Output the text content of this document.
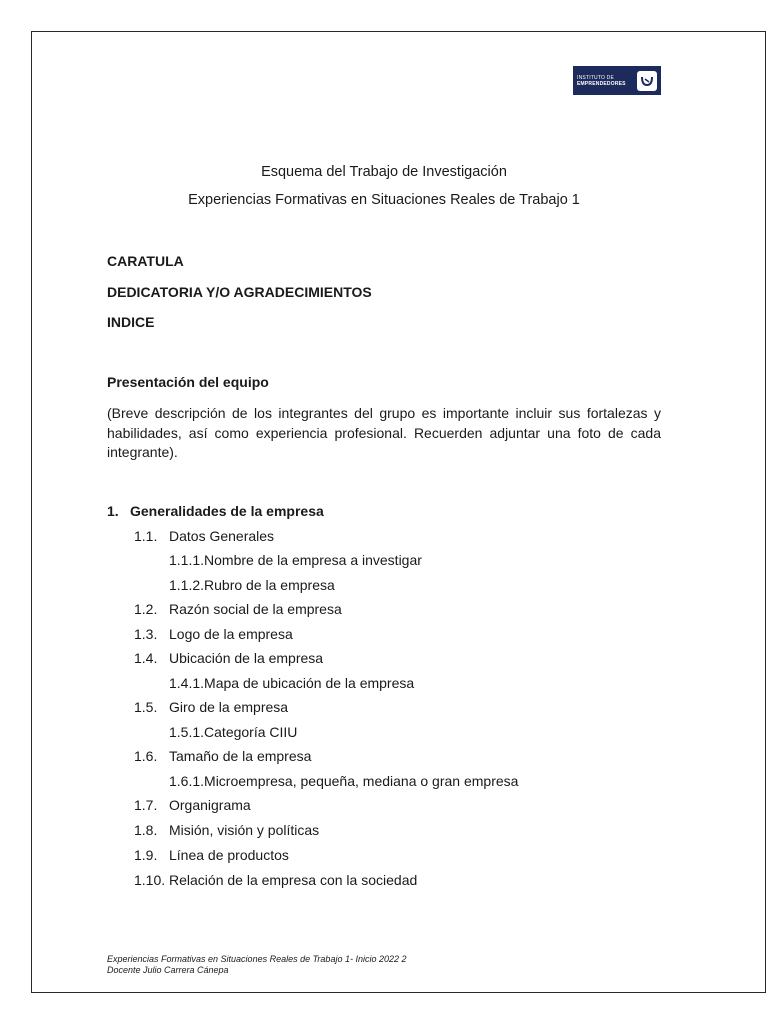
INSTITUTO DE
EMPRENDEDORES
Esquema del Trabajo de Investigación
Experiencias Formativas en Situaciones Reales de Trabajo 1
CARATULA
DEDICATORIA Y/O AGRADECIMIENTOS
INDICE
Presentación del equipo

(Breve descripción de los integrantes del grupo es importante incluir sus fortalezas y habilidades, así como experiencia profesional. Recuerden adjuntar una foto de cada integrante).

1. Generalidades de la empresa
1.1. Datos Generales
1.1.1.Nombre de la empresa a investigar
1.1.2.Rubro de la empresa
1.2. Razón social de la empresa
1.3. Logo de la empresa
1.4. Ubicación de la empresa
1.4.1.Mapa de ubicación de la empresa
1.5. Giro de la empresa
1.5.1.Categoría CIIU
1.6. Tamaño de la empresa
1.6.1.Microempresa, pequeña, mediana o gran empresa
1.7. Organigrama
1.8. Misión, visión y políticas
1.9. Línea de productos
1.10. Relación de la empresa con la sociedad
Experiencias Formativas en Situaciones Reales de Trabajo 1- Inicio 2022 2
Docente Julio Carrera Cánepa
